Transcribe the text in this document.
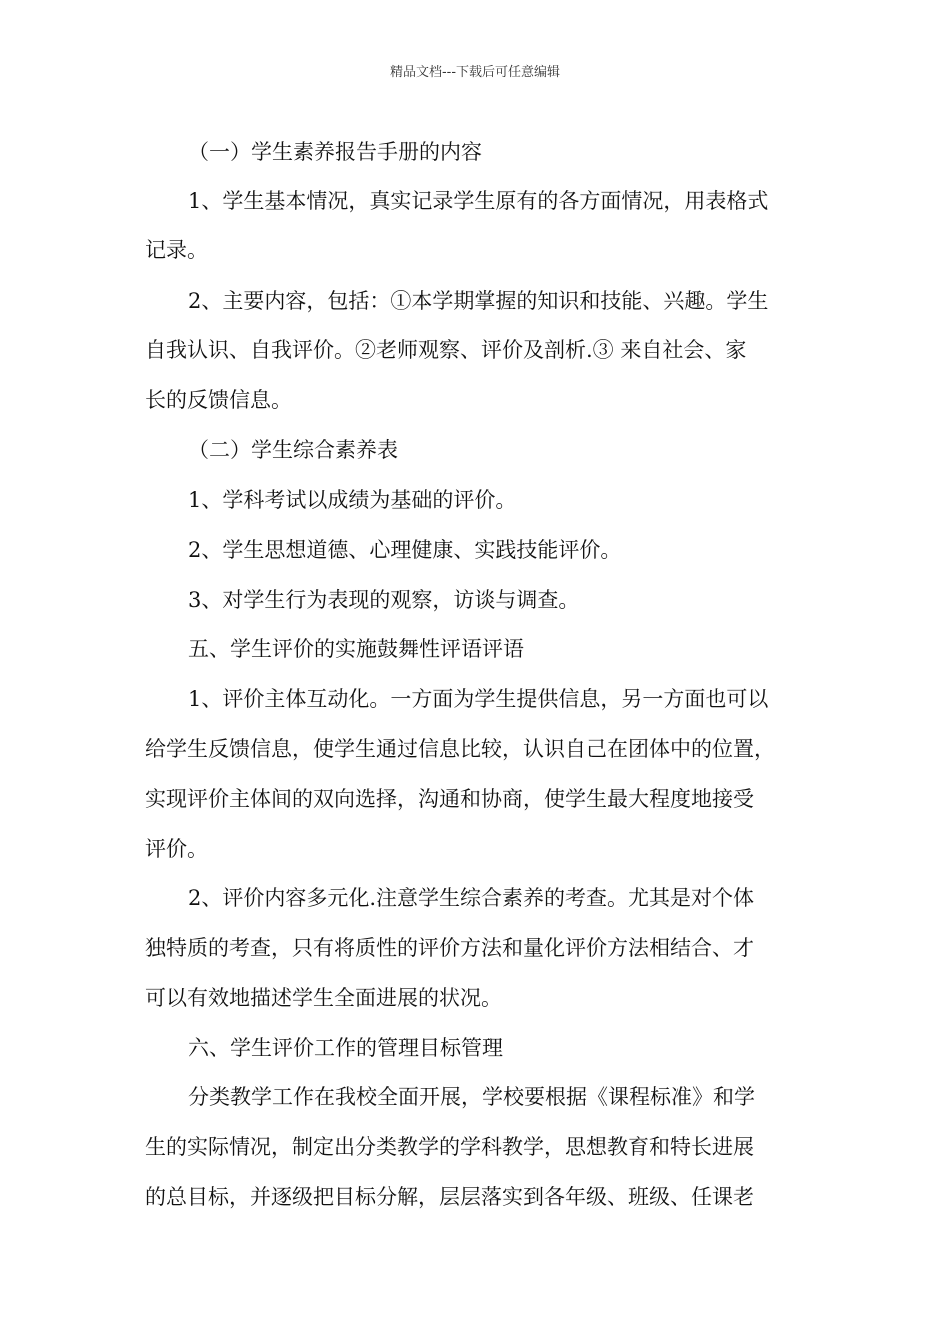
精品文档---下载后可任意编辑
（一）学生素养报告手册的内容
1、学生基本情况，真实记录学生原有的各方面情况，用表格式
记录。
2、主要内容，包括：①本学期掌握的知识和技能、兴趣。学生
自我认识、自我评价。②老师观察、评价及剖析.③ 来自社会、家
长的反馈信息。
（二）学生综合素养表
1、学科考试以成绩为基础的评价。
2、学生思想道德、心理健康、实践技能评价。
3、对学生行为表现的观察，访谈与调查。
五、学生评价的实施鼓舞性评语评语
1、评价主体互动化。一方面为学生提供信息，另一方面也可以
给学生反馈信息，使学生通过信息比较，认识自己在团体中的位置，
实现评价主体间的双向选择，沟通和协商，使学生最大程度地接受
评价。
2、评价内容多元化.注意学生综合素养的考查。尤其是对个体
独特质的考查，只有将质性的评价方法和量化评价方法相结合、才
可以有效地描述学生全面进展的状况。
六、学生评价工作的管理目标管理
分类教学工作在我校全面开展，学校要根据《课程标准》和学
生的实际情况，制定出分类教学的学科教学，思想教育和特长进展
的总目标，并逐级把目标分解，层层落实到各年级、班级、任课老
